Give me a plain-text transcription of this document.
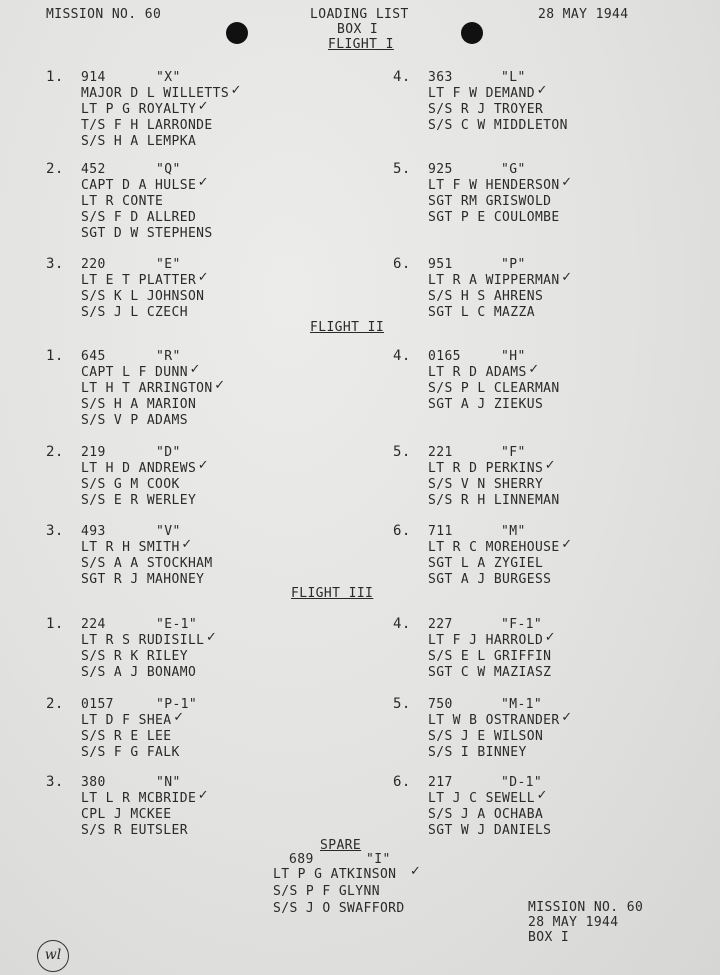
MISSION NO. 60	LOADING LIST
BOX I
28 MAY 1944
FLIGHT I
FLIGHT II
FLIGHT III
1. 914	"X"
MAJOR D L WILLETTS ✓
LT P G ROYALTY ✓
T/S F H LARRONDE
S/S H A LEMPKA
2. 452	"Q"
CAPT D A HULSE ✓
LT R CONTE
S/S F D ALLRED
SGT D W STEPHENS
3. 220	"E"
LT E T PLATTER ✓
S/S K L JOHNSON
S/S J L CZECH
4. 363	"L"
LT F W DEMAND ✓
S/S R J TROYER
S/S C W MIDDLETON
5. 925	"G"
LT F W HENDERSON ✓
SGT RM GRISWOLD
SGT P E COULOMBE
6. 951	"P"
LT R A WIPPERMAN ✓
S/S H S AHRENS
SGT L C MAZZA
1. 645	"R"
CAPT L F DUNN ✓
LT H T ARRINGTON ✓
S/S H A MARION
S/S V P ADAMS
2. 219	"D"
LT H D ANDREWS ✓
S/S G M COOK
S/S E R WERLEY
3. 493	"V"
LT R H SMITH ✓
S/S A A STOCKHAM
SGT R J MAHONEY
4. 0165	"H"
LT R D ADAMS ✓
S/S P L CLEARMAN
SGT A J ZIEKUS
5. 221	"F"
LT R D PERKINS ✓
S/S V N SHERRY
S/S R H LINNEMAN
6. 711	"M"
LT R C MOREHOUSE ✓
SGT L A ZYGIEL
SGT A J BURGESS
1. 224	"E-1"
LT R S RUDISILL ✓
S/S R K RILEY
S/S A J BONAMO
2. 0157	"P-1"
LT D F SHEA ✓
S/S R E LEE
S/S F G FALK
3. 380	"N"
LT L R MCBRIDE ✓
CPL J MCKEE
S/S R EUTSLER
4. 227	"F-1"
LT F J HARROLD ✓
S/S E L GRIFFIN
SGT C W MAZIASZ
5. 750	"M-1"
LT W B OSTRANDER ✓
S/S J E WILSON
S/S I BINNEY
6. 217	"D-1"
LT J C SEWELL ✓
S/S J A OCHABA
SGT W J DANIELS
SPARE
689	"I"
LT P G ATKINSON ✓
S/S P F GLYNN
S/S J O SWAFFORD	MISSION NO. 60
28 MAY 1944
BOX I
wl
